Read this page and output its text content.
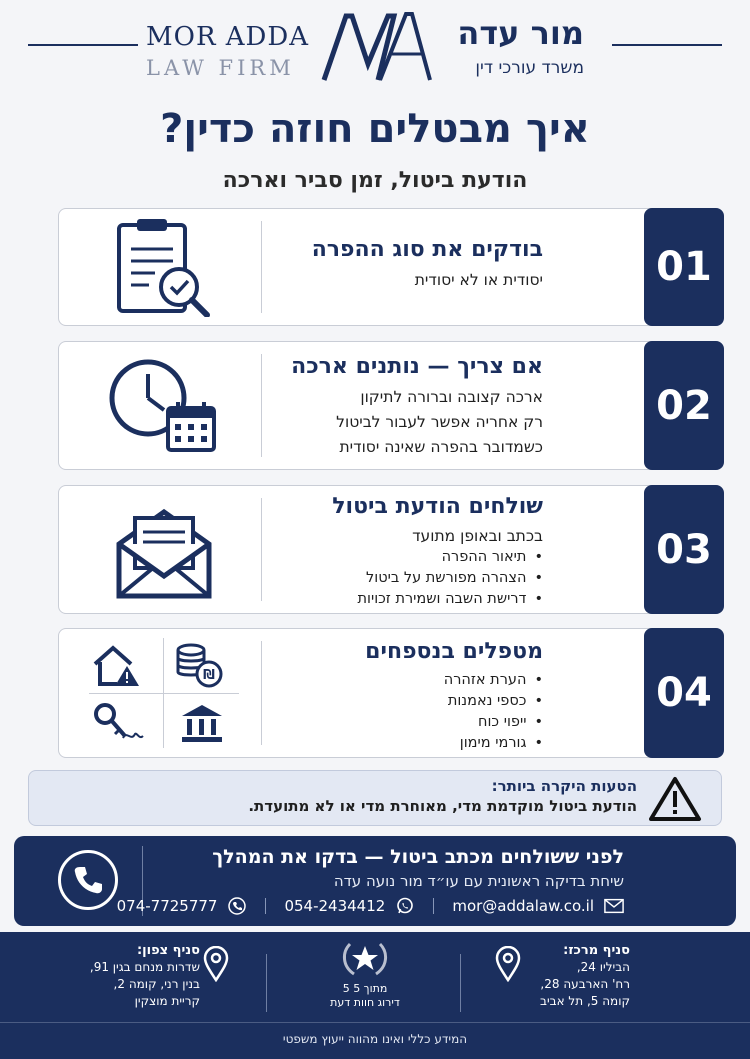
MOR ADDA
LAW FIRM
מור עדה
משרד עורכי דין
איך מבטלים חוזה כדין?
הודעת ביטול, זמן סביר וארכה
בודקים את סוג ההפרה
יסודית או לא יסודית	01
אם צריך — נותנים ארכה
ארכה קצובה וברורה לתיקון
רק אחריה אפשר לעבור לביטול
כשמדובר בהפרה שאינה יסודית
02
שולחים הודעת ביטול
בכתב ובאופן מתועד
• תיאור ההפרה
• הצהרה מפורשת על ביטול
• דרישת השבה ושמירת זכויות
03
₪
מטפלים בנספחים
• הערת אזהרה
• כספי נאמנות
• ייפוי כוח
• גורמי מימון
04
הטעות היקרה ביותר:
הודעת ביטול מוקדמת מדי, מאוחרת מדי או לא מתועדת.
לפני ששולחים מכתב ביטול — בדקו את המהלך
שיחת בדיקה ראשונית עם עו״ד מור נועה עדה
074-7725777	054-2434412	mor@addalaw.co.il
סניף מרכז:
הביליו 24,
רח' הארבעה 28,
קומה 5, תל אביב
5 מתוך 5
דירוג חוות דעת
סניף צפון:
שדרות מנחם בגין 91,
בנין רני, קומה 2,
קריית מוצקין
המידע כללי ואינו מהווה ייעוץ משפטי
